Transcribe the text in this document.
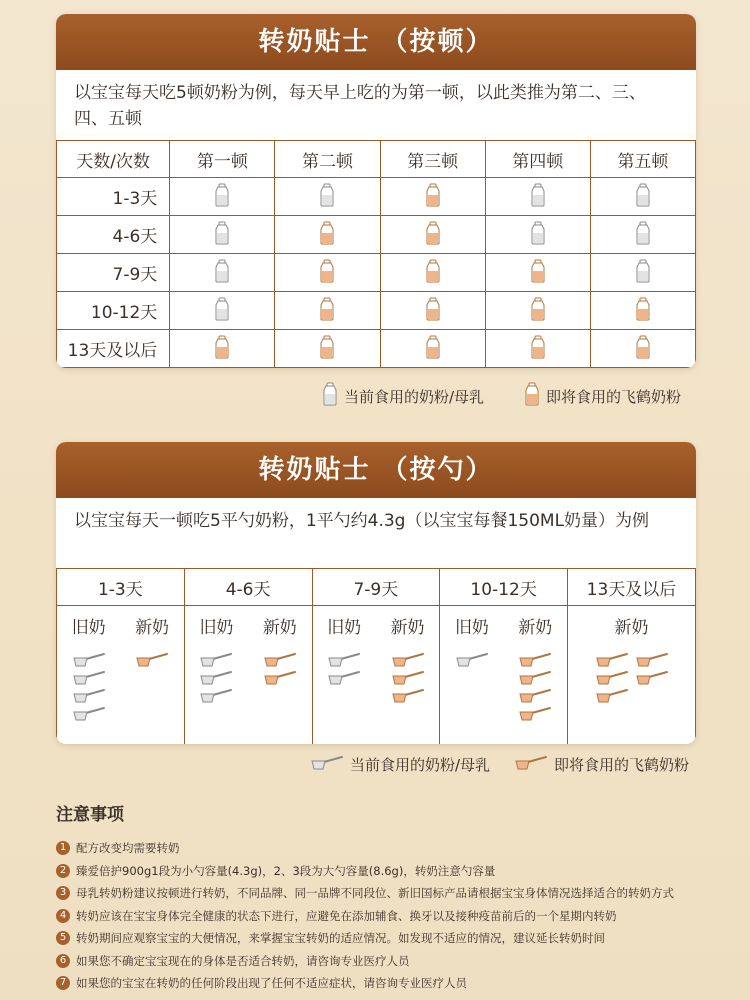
转奶贴士 （按顿）
以宝宝每天吃5顿奶粉为例，每天早上吃的为第一顿，以此类推为第二、三、四、五顿
天数/次数	第一顿	第二顿	第三顿	第四顿	第五顿
1-3天					
4-6天					
7-9天					
10-12天					
13天及以后					
当前食用的奶粉/母乳	即将食用的飞鹤奶粉
转奶贴士 （按勺）
以宝宝每天一顿吃5平勺奶粉，1平勺约4.3g（以宝宝每餐150ML奶量）为例
1-3天	4-6天	7-9天	10-12天	13天及以后
旧奶 新奶	旧奶 新奶	旧奶 新奶	旧奶 新奶	新奶

当前食用的奶粉/母乳	即将食用的飞鹤奶粉
注意事项
1 配方改变均需要转奶
2 臻爱倍护900g1段为小勺容量(4.3g)，2、3段为大勺容量(8.6g)，转奶注意勺容量
3 母乳转奶粉建议按顿进行转奶，不同品牌、同一品牌不同段位、新旧国标产品请根据宝宝身体情况选择适合的转奶方式
4 转奶应该在宝宝身体完全健康的状态下进行，应避免在添加辅食、换牙以及接种疫苗前后的一个星期内转奶
5 转奶期间应观察宝宝的大便情况，来掌握宝宝转奶的适应情况。如发现不适应的情况，建议延长转奶时间
6 如果您不确定宝宝现在的身体是否适合转奶，请咨询专业医疗人员
7 如果您的宝宝在转奶的任何阶段出现了任何不适应症状，请咨询专业医疗人员
